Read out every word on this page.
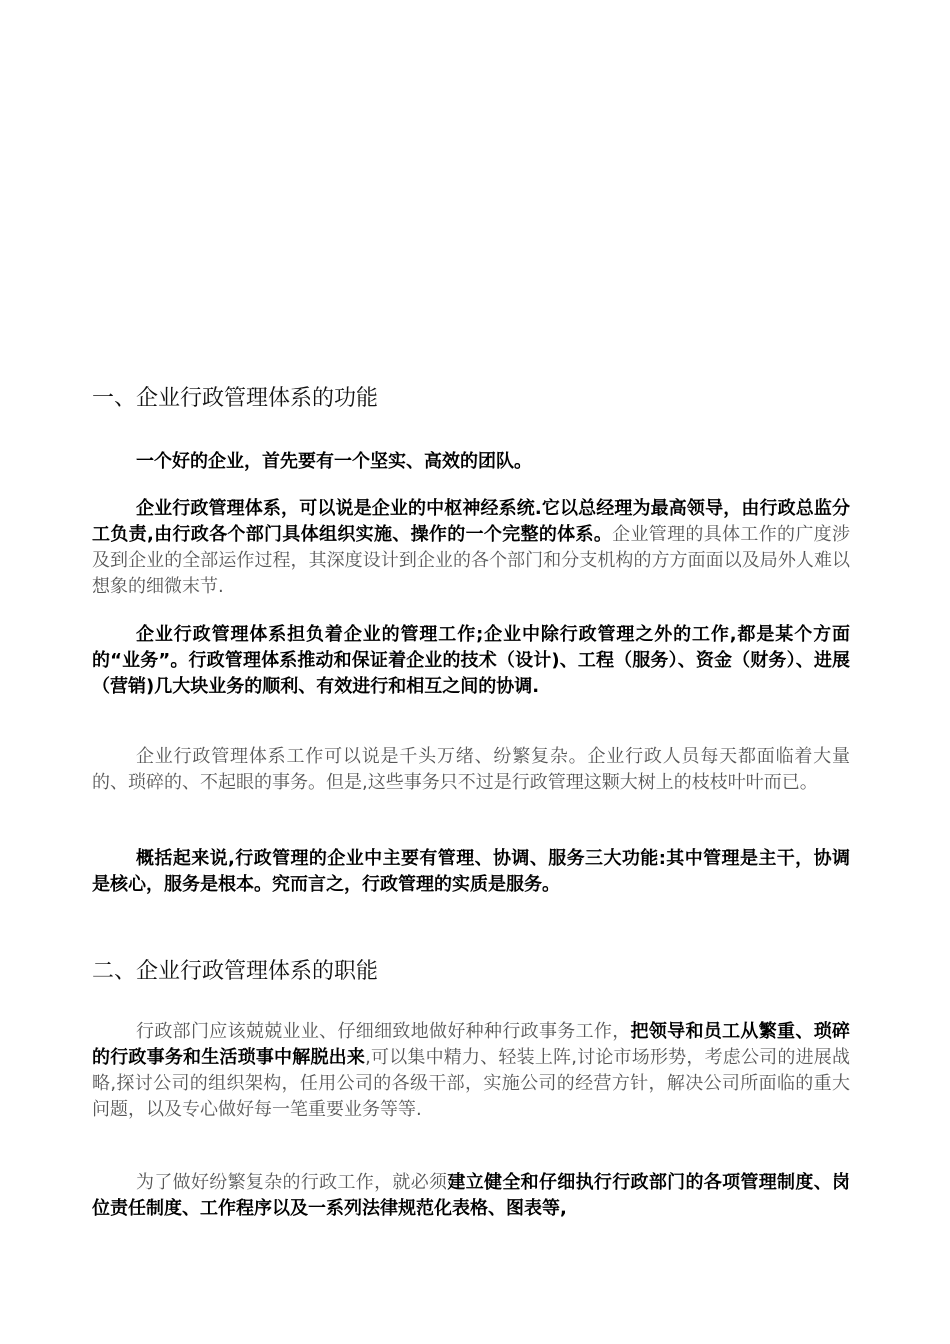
一、企业行政管理体系的功能

一个好的企业，首先要有一个坚实、高效的团队。

企业行政管理体系，可以说是企业的中枢神经系统.它以总经理为最高领导，由行政总监分工负责,由行政各个部门具体组织实施、操作的一个完整的体系。企业管理的具体工作的广度涉及到企业的全部运作过程，其深度设计到企业的各个部门和分支机构的方方面面以及局外人难以想象的细微末节.

企业行政管理体系担负着企业的管理工作;企业中除行政管理之外的工作,都是某个方面的“业务”。行政管理体系推动和保证着企业的技术（设计)、工程（服务）、资金（财务）、进展（营销)几大块业务的顺利、有效进行和相互之间的协调.

企业行政管理体系工作可以说是千头万绪、纷繁复杂。企业行政人员每天都面临着大量的、琐碎的、不起眼的事务。但是,这些事务只不过是行政管理这颗大树上的枝枝叶叶而已。

概括起来说,行政管理的企业中主要有管理、协调、服务三大功能:其中管理是主干，协调是核心，服务是根本。究而言之，行政管理的实质是服务。

二、企业行政管理体系的职能

行政部门应该兢兢业业、仔细细致地做好种种行政事务工作，把领导和员工从繁重、琐碎的行政事务和生活琐事中解脱出来,可以集中精力、轻装上阵,讨论市场形势，考虑公司的进展战略,探讨公司的组织架构，任用公司的各级干部，实施公司的经营方针，解决公司所面临的重大问题，以及专心做好每一笔重要业务等等.

为了做好纷繁复杂的行政工作，就必须建立健全和仔细执行行政部门的各项管理制度、岗位责任制度、工作程序以及一系列法律规范化表格、图表等,
